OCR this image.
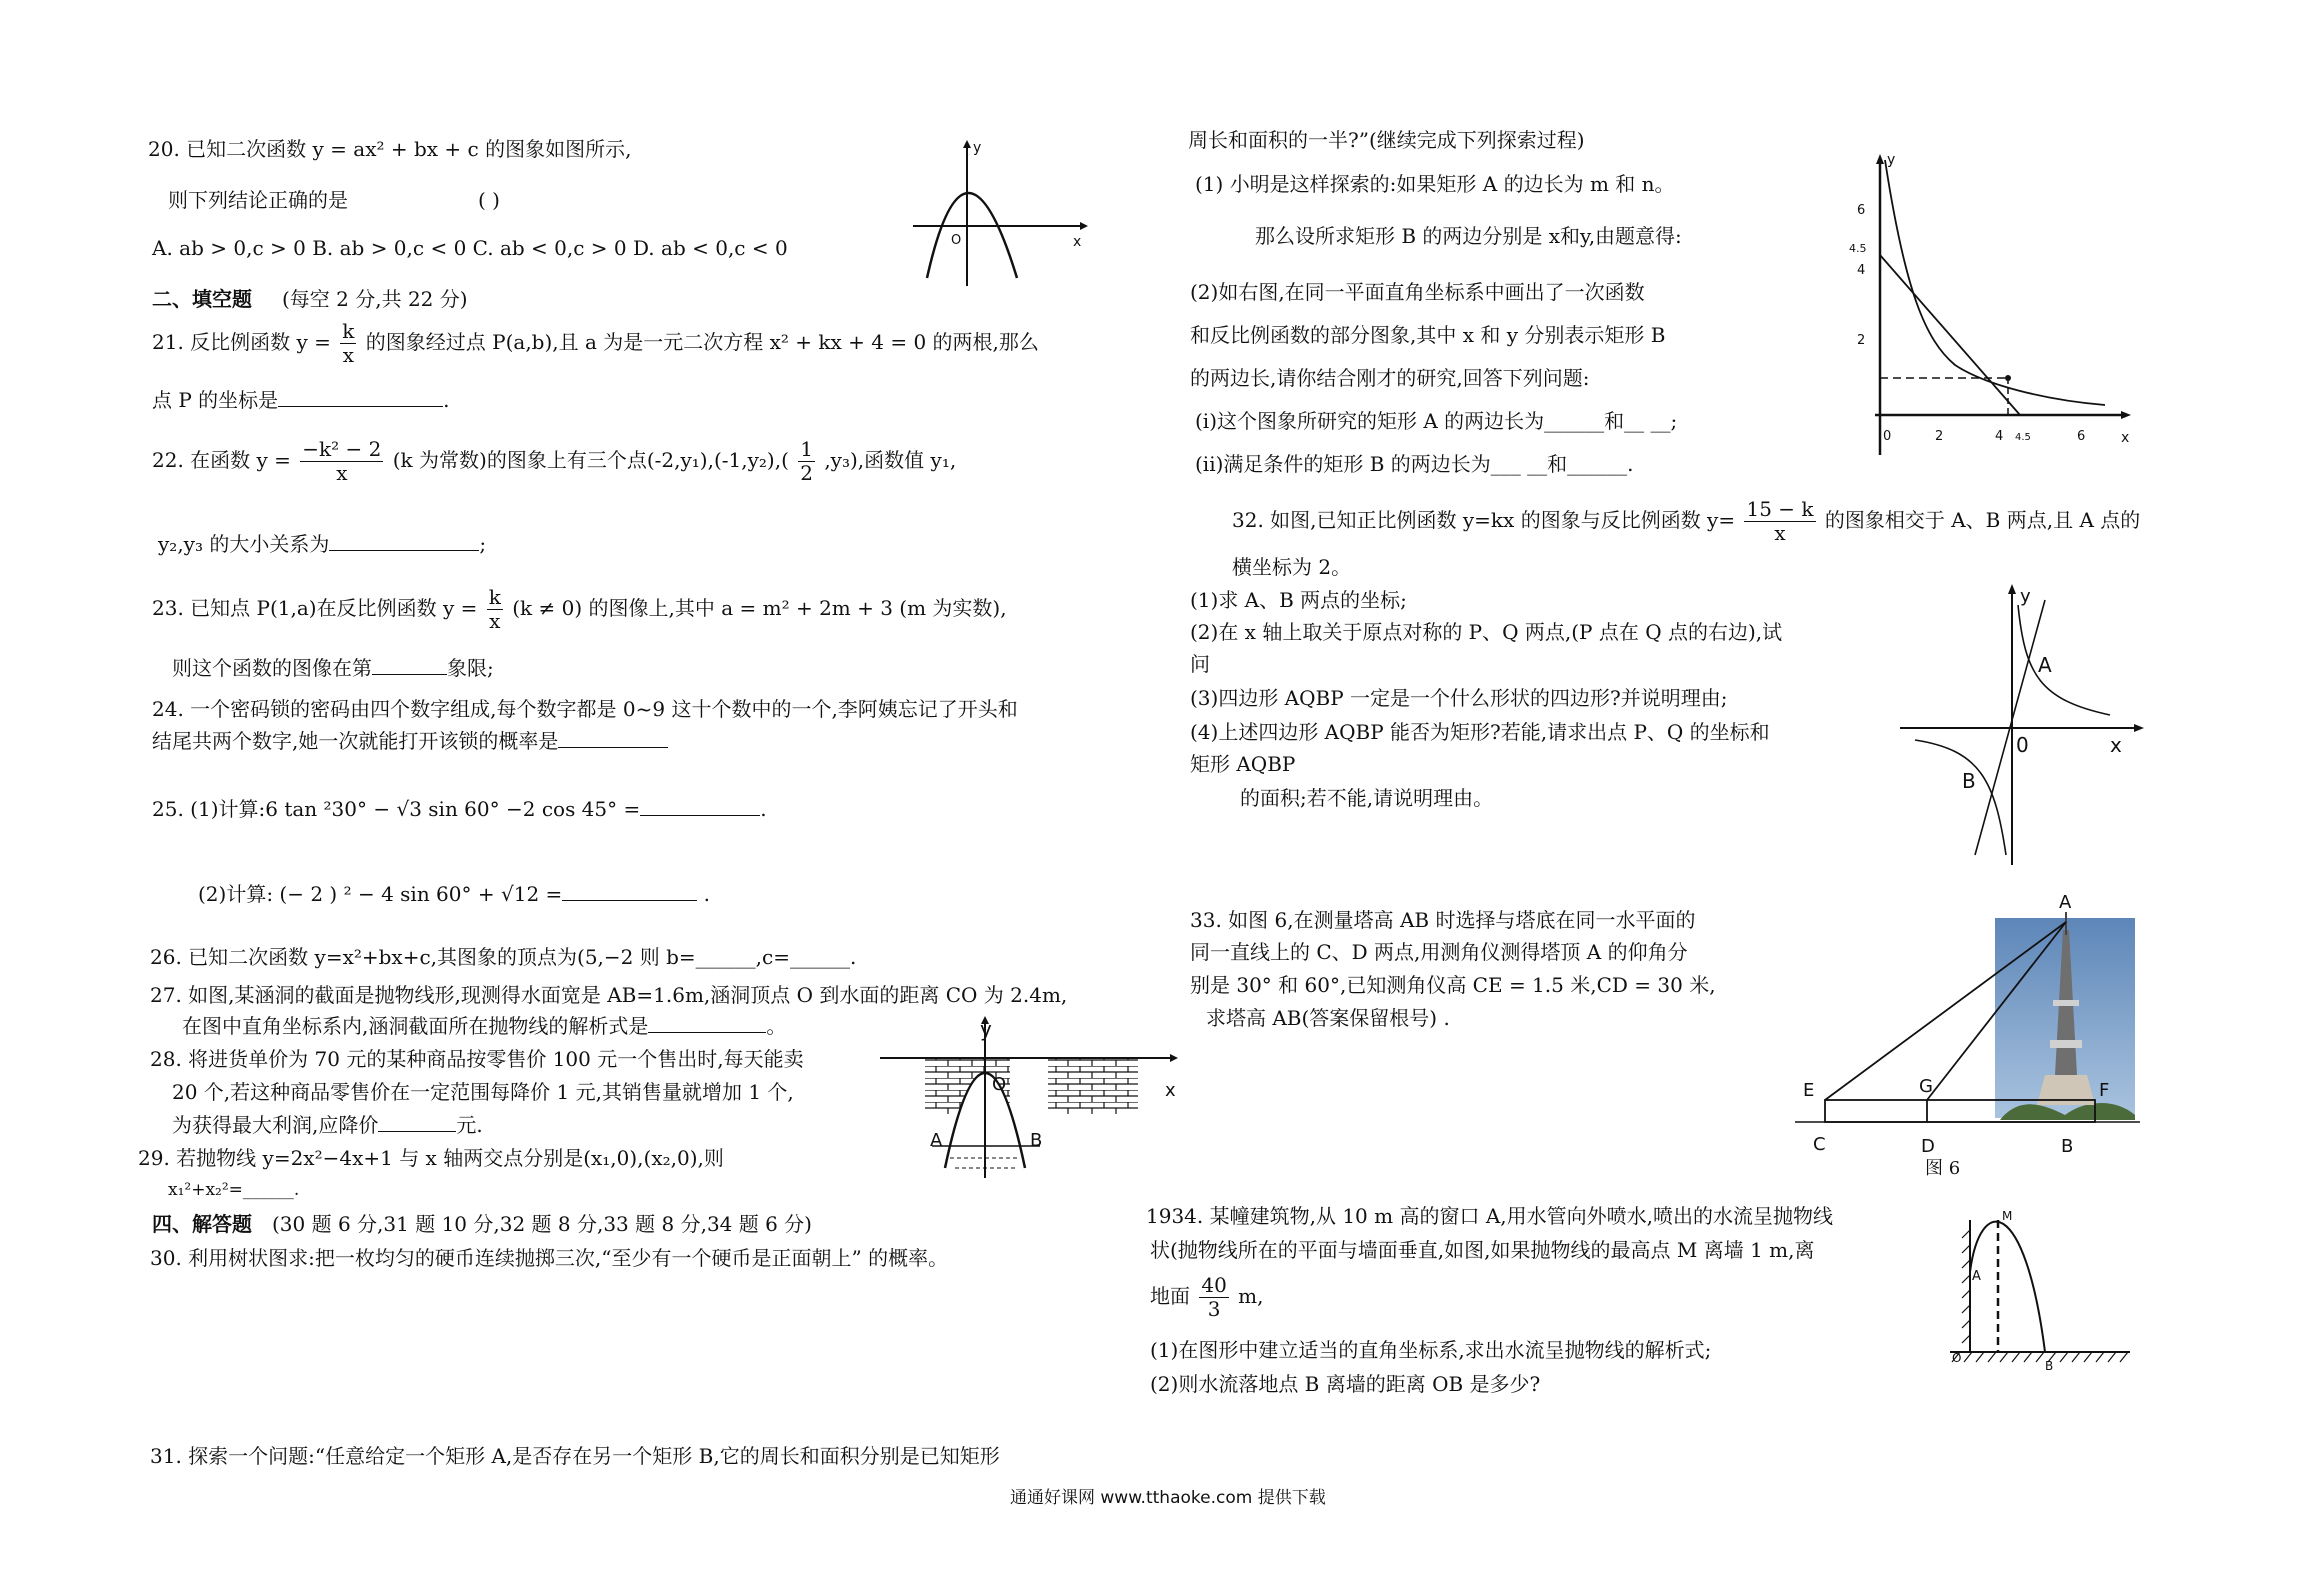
20. 已知二次函数 y = ax² + bx + c 的图象如图所示,
则下列结论正确的是	( )
A. ab > 0,c > 0 B. ab > 0,c < 0 C. ab < 0,c > 0 D. ab < 0,c < 0
y
x
O
二、填空题 (每空 2 分,共 22 分)
21. 反比例函数 $y = \frac{k}{x}$ 的图象经过点 P(a,b),且 a 为是一元二次方程 x² + kx + 4 = 0 的两根,那么
点 P 的坐标是	.
22. 在函数 $y = \frac{\text{−k² − 2}}{x} (k$ 为常数)的图象上有三个点$(-2,y_1),(-1,y_2),( \frac{1}{2} ,y_3)$,函数值 y₁,
y₂,y₃ 的大小关系为	;
23. 已知点 P(1,a)在反比例函数 $y = \frac{k}{x} (k \ne 0)$ 的图像上,其中 a = m² + 2m + 3 (m 为实数),
则这个函数的图像在第	象限;
24. 一个密码锁的密码由四个数字组成,每个数字都是 0~9 这十个数中的一个,李阿姨忘记了开头和
结尾共两个数字,她一次就能打开该锁的概率是
25. (1)计算:6 tan ²30° − √3 sin 60° −2 cos 45° =	.
(2)计算: (− 2 ) ² − 4 sin 60° + √12 =	.
26. 已知二次函数 y=x²+bx+c,其图象的顶点为(5,−2 则 b=______,c=______.
27. 如图,某涵洞的截面是抛物线形,现测得水面宽是 AB=1.6m,涵洞顶点 O 到水面的距离 CO 为 2.4m,
在图中直角坐标系内,涵洞截面所在抛物线的解析式是	。	y
x
O
A	B
28. 将进货单价为 70 元的某种商品按零售价 100 元一个售出时,每天能卖
20 个,若这种商品零售价在一定范围每降价 1 元,其销售量就增加 1 个,
为获得最大利润,应降价	元.
29. 若抛物线 y=2x²−4x+1 与 x 轴两交点分别是(x₁,0),(x₂,0),则
x₁²+x₂²=______.
四、解答题 (30 题 6 分,31 题 10 分,32 题 8 分,33 题 8 分,34 题 6 分)
30. 利用树状图求:把一枚均匀的硬币连续抛掷三次,“至少有一个硬币是正面朝上” 的概率。
31. 探索一个问题:“任意给定一个矩形 A,是否存在另一个矩形 B,它的周长和面积分别是已知矩形
周长和面积的一半?”(继续完成下列探索过程)
(1) 小明是这样探索的:如果矩形 A 的边长为 m 和 n。
那么设所求矩形 B 的两边分别是 x和y,由题意得:
(2)如右图,在同一平面直角坐标系中画出了一次函数
和反比例函数的部分图象,其中 x 和 y 分别表示矩形 B
的两边长,请你结合刚才的研究,回答下列问题:
(i)这个图象所研究的矩形 A 的两边长为______和__ __;
(ii)满足条件的矩形 B 的两边长为___ __和______.
y
x
6
4.5
4
2
0	2	4 4.5	6
32. 如图,已知正比例函数 y=kx 的图象与反比例函数 $y= \frac{15 - k}{x}$ 的图象相交于 A、B 两点,且 A 点的
横坐标为 2。
(1)求 A、B 两点的坐标;
(2)在 x 轴上取关于原点对称的 P、Q 两点,(P 点在 Q 点的右边),试
问
(3)四边形 AQBP 一定是一个什么形状的四边形?并说明理由;
(4)上述四边形 AQBP 能否为矩形?若能,请求出点 P、Q 的坐标和
矩形 AQBP
的面积;若不能,请说明理由。
y
x
0
A
B
33. 如图 6,在测量塔高 AB 时选择与塔底在同一水平面的
同一直线上的 C、D 两点,用测角仪测得塔顶 A 的仰角分
别是 30° 和 60°,已知测角仪高 CE = 1.5 米,CD = 30 米,
求塔高 AB(答案保留根号) .
A
E	G	F
C	D	B
图 6
1934. 某幢建筑物,从 10 m 高的窗口 A,用水管向外喷水,喷出的水流呈抛物线
状(抛物线所在的平面与墙面垂直,如图,如果抛物线的最高点 M 离墙 1 m,离
地面 $\frac{40}{3} m$,
(1)在图形中建立适当的直角坐标系,求出水流呈抛物线的解析式;
(2)则水流落地点 B 离墙的距离 OB 是多少?
M
A
O
B
通通好课网 www.tthaoke.com 提供下载
